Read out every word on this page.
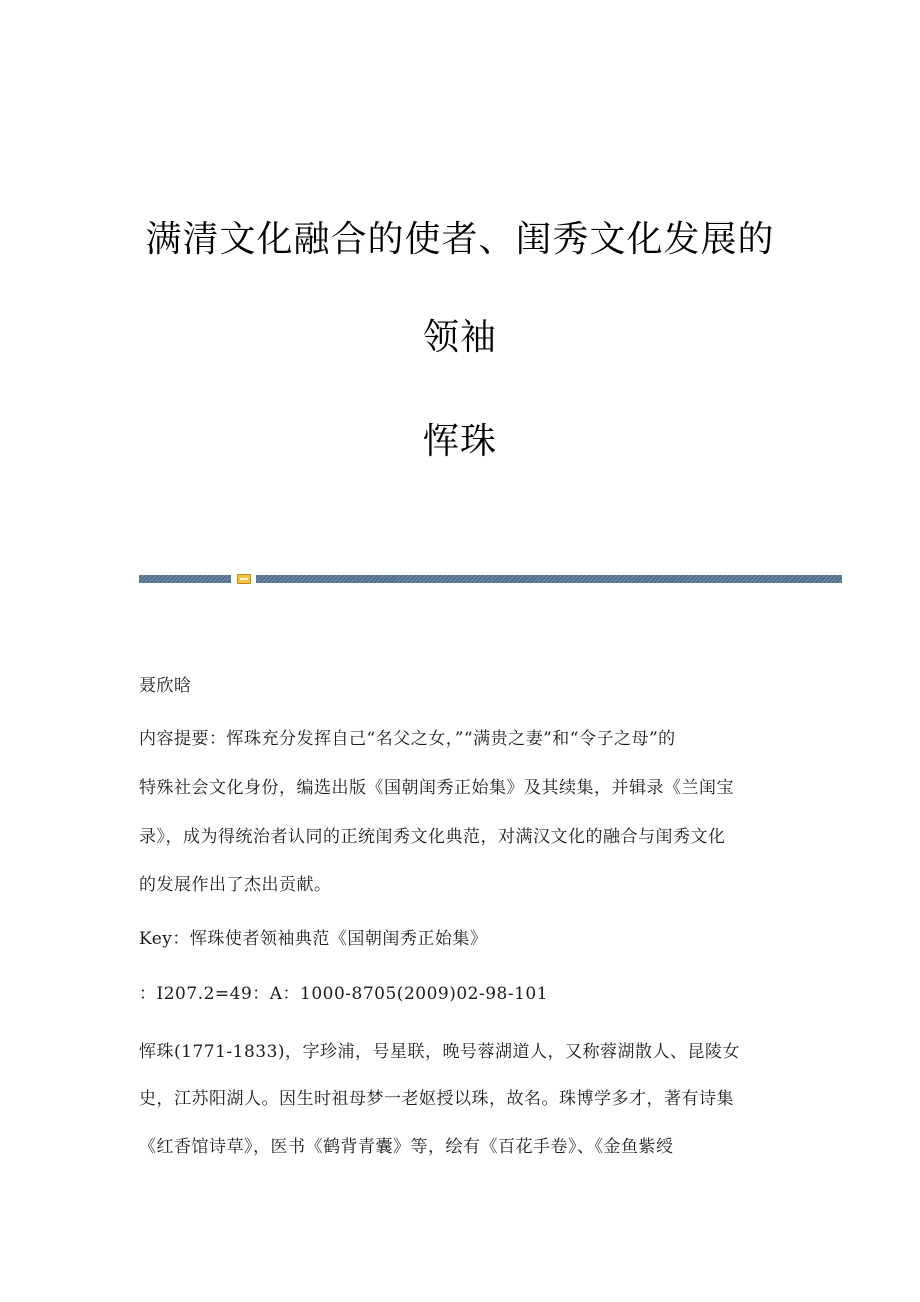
满清文化融合的使者、闺秀文化发展的
领袖
恽珠
聂欣晗
内容提要：恽珠充分发挥自己“名父之女，”“满贵之妻”和“令子之母”的
特殊社会文化身份，编选出版《国朝闺秀正始集》及其续集，并辑录《兰闺宝
录》，成为得统治者认同的正统闺秀文化典范，对满汉文化的融合与闺秀文化
的发展作出了杰出贡献。
Key：恽珠使者领袖典范《国朝闺秀正始集》
：I207.2=49：A：1000-8705(2009)02-98-101
恽珠(1771-1833)，字珍浦，号星联，晚号蓉湖道人，又称蓉湖散人、昆陵女
史，江苏阳湖人。因生时祖母梦一老妪授以珠，故名。珠博学多才，著有诗集
《红香馆诗草》，医书《鹤背青囊》等，绘有《百花手卷》、《金鱼紫绶
